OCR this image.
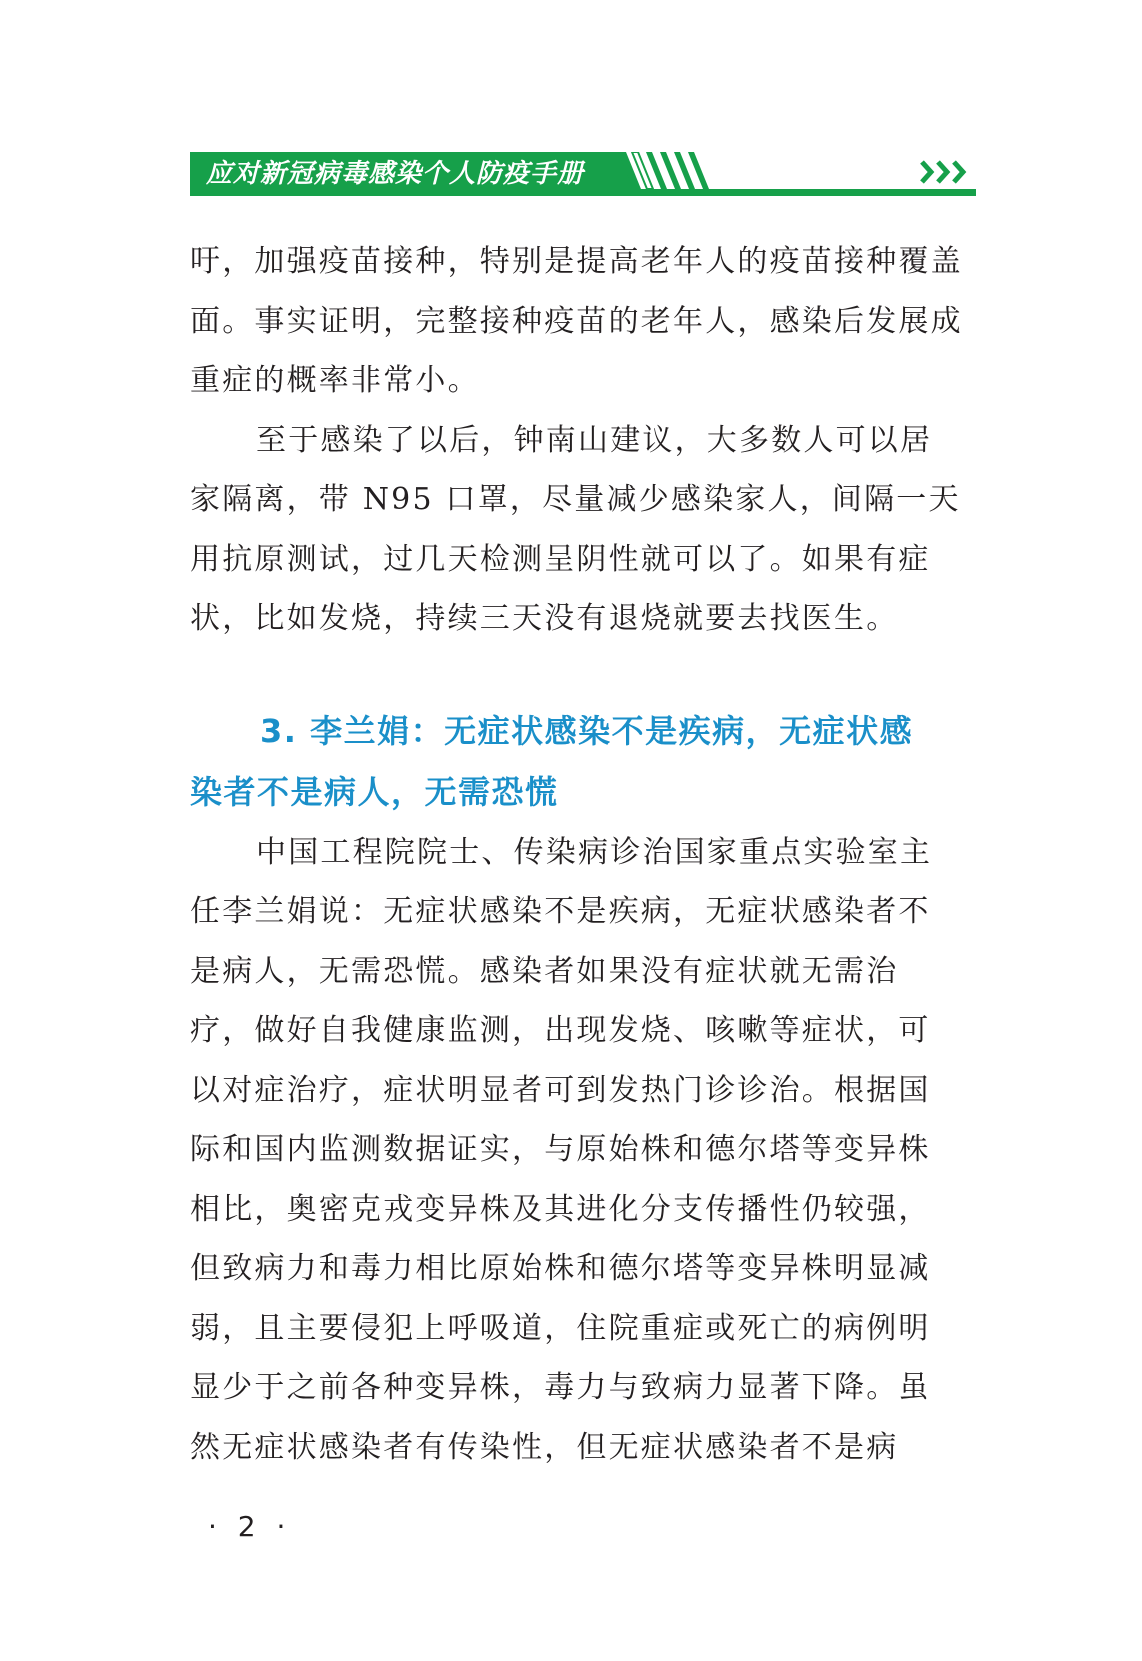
应对新冠病毒感染个人防疫手册

吁，加强疫苗接种，特别是提高老年人的疫苗接种覆盖
面。事实证明，完整接种疫苗的老年人，感染后发展成
重症的概率非常小。

至于感染了以后，钟南山建议，大多数人可以居
家隔离，带 N95 口罩，尽量减少感染家人，间隔一天
用抗原测试，过几天检测呈阴性就可以了。如果有症
状，比如发烧，持续三天没有退烧就要去找医生。

3. 李兰娟：无症状感染不是疾病，无症状感
染者不是病人，无需恐慌

中国工程院院士、传染病诊治国家重点实验室主
任李兰娟说：无症状感染不是疾病，无症状感染者不
是病人，无需恐慌。感染者如果没有症状就无需治
疗，做好自我健康监测，出现发烧、咳嗽等症状，可
以对症治疗，症状明显者可到发热门诊诊治。根据国
际和国内监测数据证实，与原始株和德尔塔等变异株
相比，奥密克戎变异株及其进化分支传播性仍较强，
但致病力和毒力相比原始株和德尔塔等变异株明显减
弱，且主要侵犯上呼吸道，住院重症或死亡的病例明
显少于之前各种变异株，毒力与致病力显著下降。虽
然无症状感染者有传染性，但无症状感染者不是病

· 2 ·
